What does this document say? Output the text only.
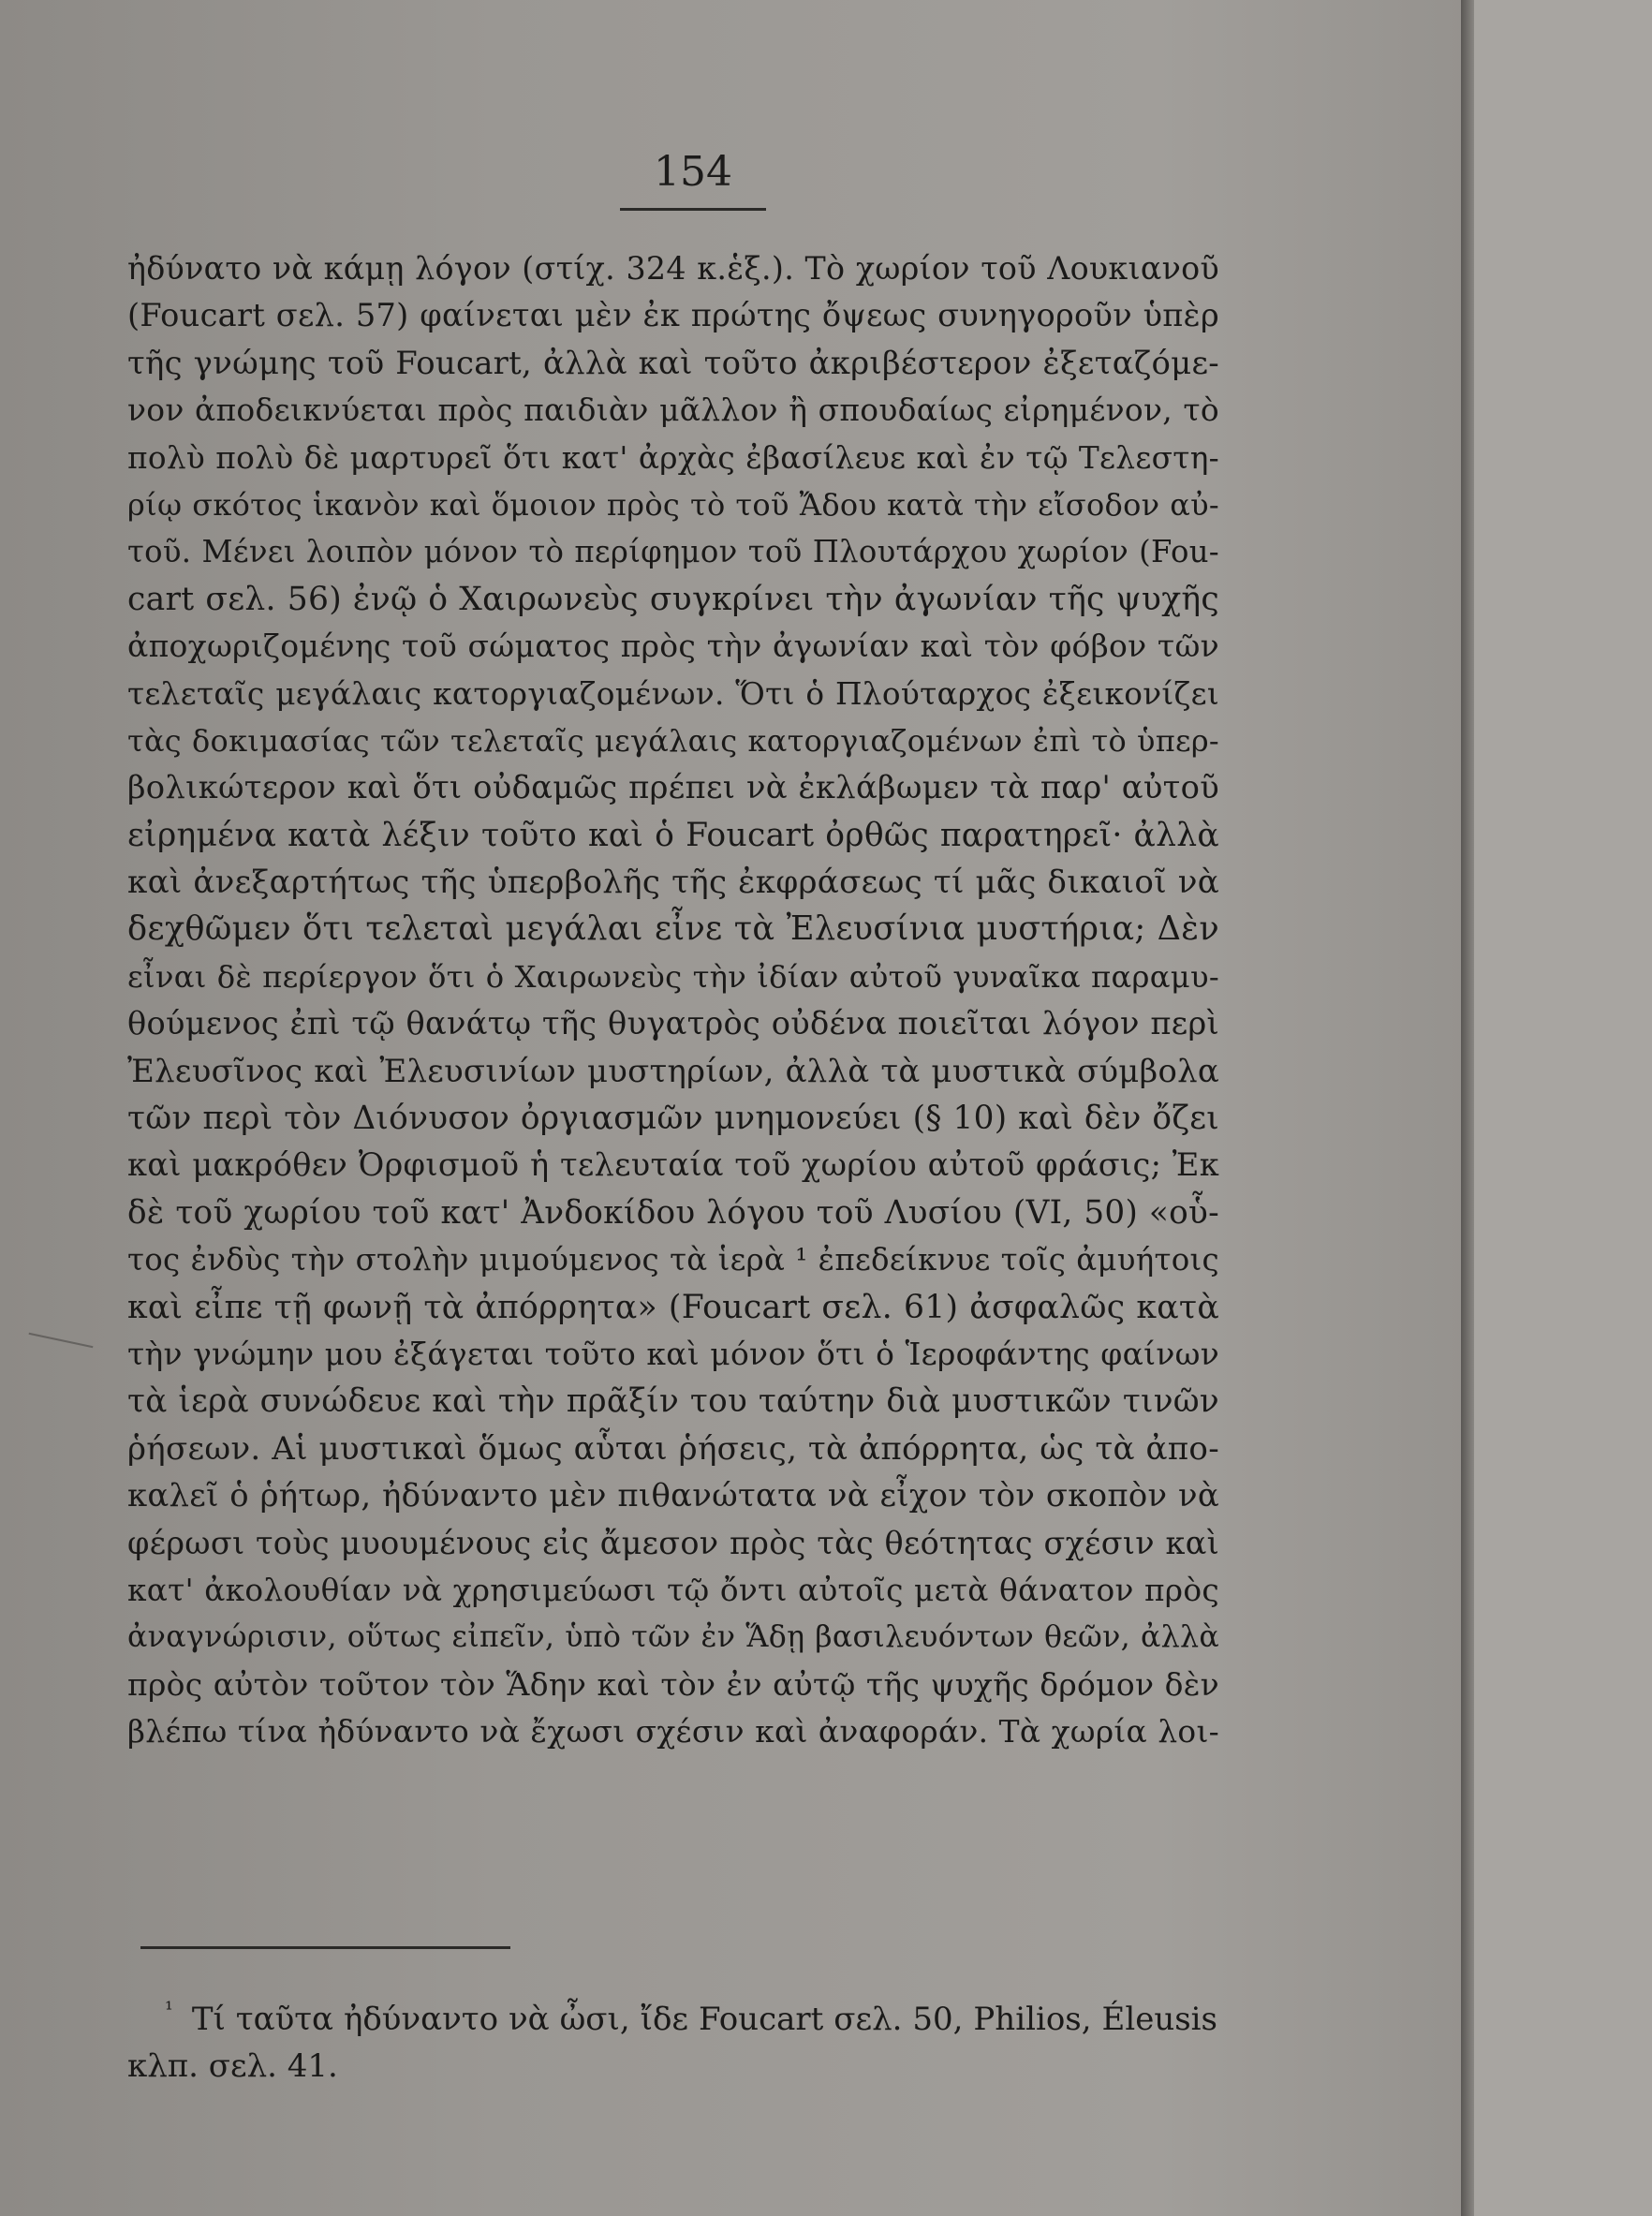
154
ἠδύνατο νὰ κάμῃ λόγον (στίχ. 324 κ.ἑξ.). Τὸ χωρίον τοῦ Λουκιανοῦ
(Foucart σελ. 57) φαίνεται μὲν ἐκ πρώτης ὄψεως συνηγοροῦν ὑπὲρ
τῆς γνώμης τοῦ Foucart, ἀλλὰ καὶ τοῦτο ἀκριβέστερον ἐξεταζόμε-
νον ἀποδεικνύεται πρὸς παιδιὰν μᾶλλον ἢ σπουδαίως εἰρημένον, τὸ
πολὺ πολὺ δὲ μαρτυρεῖ ὅτι κατ' ἀρχὰς ἐβασίλευε καὶ ἐν τῷ Τελεστη-
ρίῳ σκότος ἱκανὸν καὶ ὅμοιον πρὸς τὸ τοῦ Ἄδου κατὰ τὴν εἴσοδον αὐ-
τοῦ. Μένει λοιπὸν μόνον τὸ περίφημον τοῦ Πλουτάρχου χωρίον (Fou-
cart σελ. 56) ἐνῷ ὁ Χαιρωνεὺς συγκρίνει τὴν ἀγωνίαν τῆς ψυχῆς
ἀποχωριζομένης τοῦ σώματος πρὸς τὴν ἀγωνίαν καὶ τὸν φόβον τῶν
τελεταῖς μεγάλαις κατοργιαζομένων. Ὅτι ὁ Πλούταρχος ἐξεικονίζει
τὰς δοκιμασίας τῶν τελεταῖς μεγάλαις κατοργιαζομένων ἐπὶ τὸ ὑπερ-
βολικώτερον καὶ ὅτι οὐδαμῶς πρέπει νὰ ἐκλάβωμεν τὰ παρ' αὐτοῦ
εἰρημένα κατὰ λέξιν τοῦτο καὶ ὁ Foucart ὀρθῶς παρατηρεῖ· ἀλλὰ
καὶ ἀνεξαρτήτως τῆς ὑπερβολῆς τῆς ἐκφράσεως τί μᾶς δικαιοῖ νὰ
δεχθῶμεν ὅτι τελεταὶ μεγάλαι εἶνε τὰ Ἐλευσίνια μυστήρια; Δὲν
εἶναι δὲ περίεργον ὅτι ὁ Χαιρωνεὺς τὴν ἰδίαν αὐτοῦ γυναῖκα παραμυ-
θούμενος ἐπὶ τῷ θανάτῳ τῆς θυγατρὸς οὐδένα ποιεῖται λόγον περὶ
Ἐλευσῖνος καὶ Ἐλευσινίων μυστηρίων, ἀλλὰ τὰ μυστικὰ σύμβολα
τῶν περὶ τὸν Διόνυσον ὀργιασμῶν μνημονεύει (§ 10) καὶ δὲν ὄζει
καὶ μακρόθεν Ὀρφισμοῦ ἡ τελευταία τοῦ χωρίου αὐτοῦ φράσις; Ἐκ
δὲ τοῦ χωρίου τοῦ κατ' Ἀνδοκίδου λόγου τοῦ Λυσίου (VI, 50) «οὗ-
τος ἐνδὺς τὴν στολὴν μιμούμενος τὰ ἱερὰ ¹ ἐπεδείκνυε τοῖς ἀμυήτοις
καὶ εἶπε τῇ φωνῇ τὰ ἀπόρρητα» (Foucart σελ. 61) ἀσφαλῶς κατὰ
τὴν γνώμην μου ἐξάγεται τοῦτο καὶ μόνον ὅτι ὁ Ἱεροφάντης φαίνων
τὰ ἱερὰ συνώδευε καὶ τὴν πρᾶξίν του ταύτην διὰ μυστικῶν τινῶν
ῥήσεων. Αἱ μυστικαὶ ὅμως αὗται ῥήσεις, τὰ ἀπόρρητα, ὡς τὰ ἀπο-
καλεῖ ὁ ῥήτωρ, ἠδύναντο μὲν πιθανώτατα νὰ εἶχον τὸν σκοπὸν νὰ
φέρωσι τοὺς μυουμένους εἰς ἄμεσον πρὸς τὰς θεότητας σχέσιν καὶ
κατ' ἀκολουθίαν νὰ χρησιμεύωσι τῷ ὄντι αὐτοῖς μετὰ θάνατον πρὸς
ἀναγνώρισιν, οὕτως εἰπεῖν, ὑπὸ τῶν ἐν Ἅδῃ βασιλευόντων θεῶν, ἀλλὰ
πρὸς αὐτὸν τοῦτον τὸν Ἅδην καὶ τὸν ἐν αὐτῷ τῆς ψυχῆς δρόμον δὲν
βλέπω τίνα ἠδύναντο νὰ ἔχωσι σχέσιν καὶ ἀναφοράν. Τὰ χωρία λοι-
$^{^1}$ Τί ταῦτα ἠδύναντο νὰ ὦσι, ἴδε Foucart σελ. 50, Philios, Éleusis
κλπ. σελ. 41.
